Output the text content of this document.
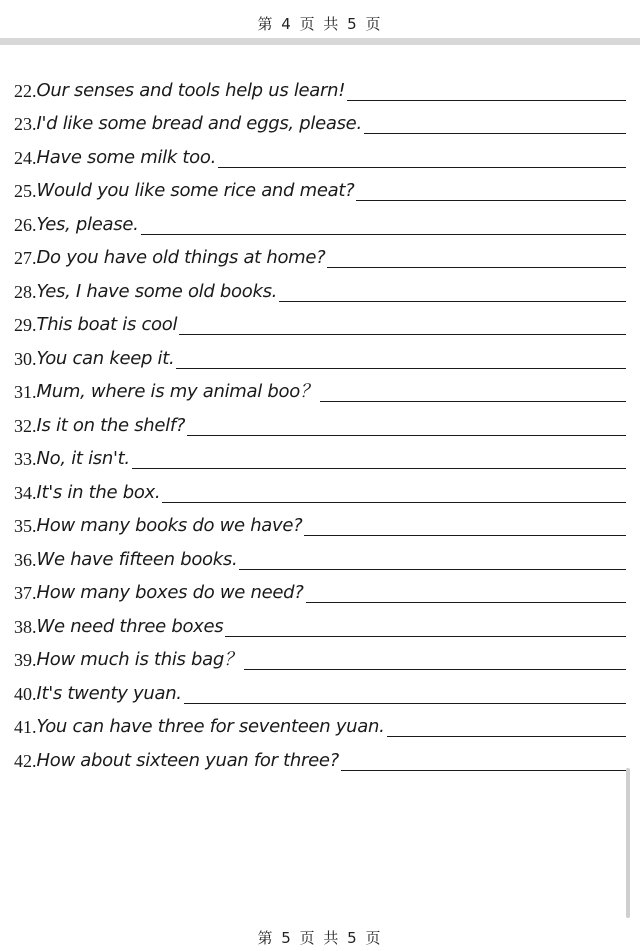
第 4 页 共 5 页
22. Our senses and tools help us learn!
23. I'd like some bread and eggs, please.
24. Have some milk too.
25. Would you like some rice and meat?
26. Yes, please.
27. Do you have old things at home?
28. Yes, I have some old books.
29. This boat is cool
30. You can keep it.
31. Mum, where is my animal boo？
32. Is it on the shelf?
33. No, it isn't.
34. It's in the box.
35. How many books do we have?
36. We have fifteen books.
37. How many boxes do we need?
38. We need three boxes
39. How much is this bag？
40. It's twenty yuan.
41. You can have three for seventeen yuan.
42. How about sixteen yuan for three?
第 5 页 共 5 页
